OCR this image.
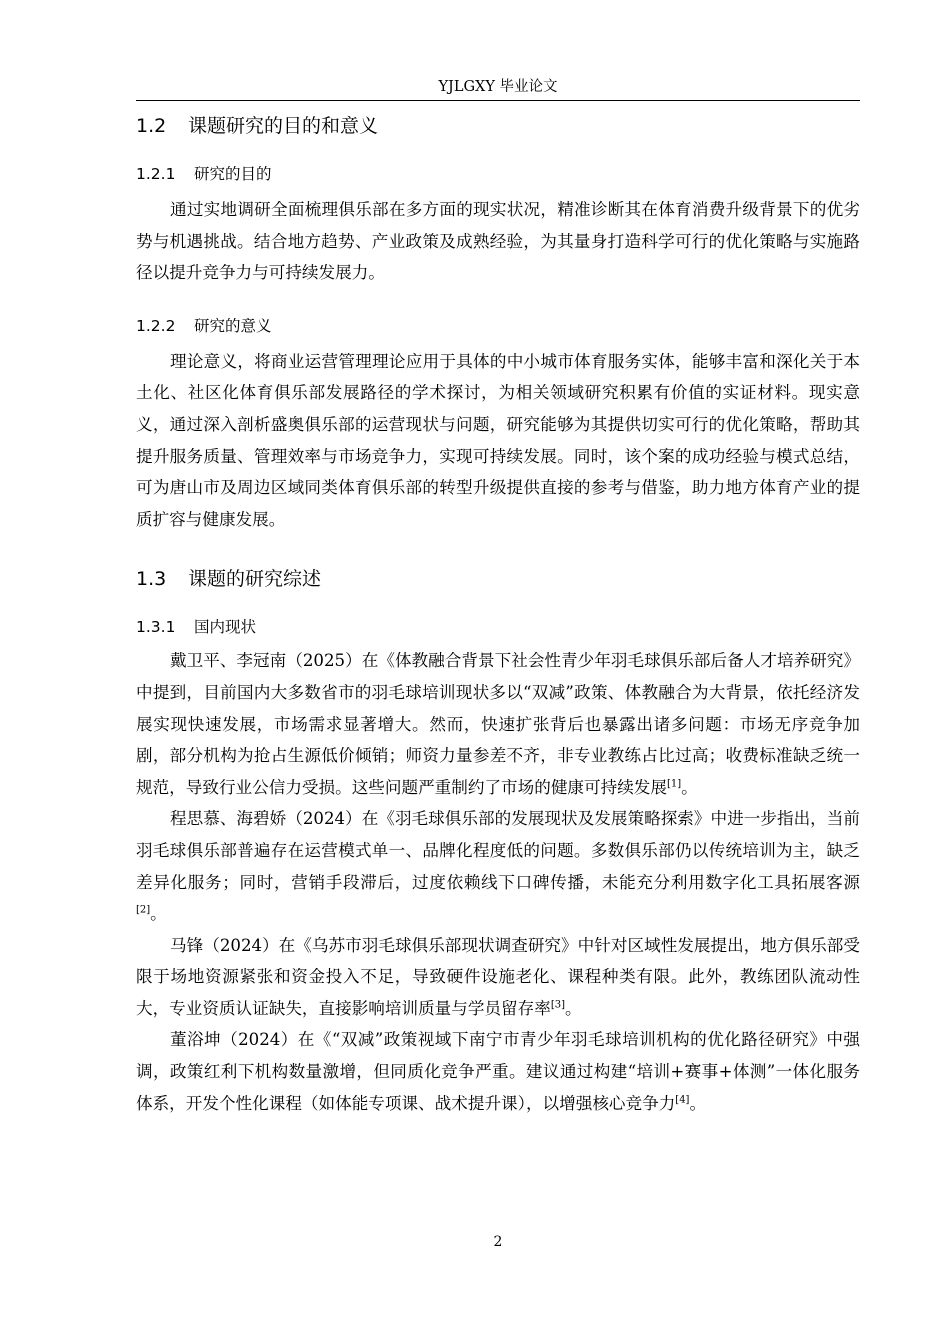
YJLGXY 毕业论文
1.2 课题研究的目的和意义
1.2.1 研究的目的

通过实地调研全面梳理俱乐部在多方面的现实状况，精准诊断其在体育消费升级背景下的优劣势与机遇挑战。结合地方趋势、产业政策及成熟经验，为其量身打造科学可行的优化策略与实施路径以提升竞争力与可持续发展力。

1.2.2 研究的意义

理论意义，将商业运营管理理论应用于具体的中小城市体育服务实体，能够丰富和深化关于本土化、社区化体育俱乐部发展路径的学术探讨，为相关领域研究积累有价值的实证材料。现实意义，通过深入剖析盛奥俱乐部的运营现状与问题，研究能够为其提供切实可行的优化策略，帮助其提升服务质量、管理效率与市场竞争力，实现可持续发展。同时，该个案的成功经验与模式总结，可为唐山市及周边区域同类体育俱乐部的转型升级提供直接的参考与借鉴，助力地方体育产业的提质扩容与健康发展。

1.3 课题的研究综述
1.3.1 国内现状

戴卫平、李冠南（2025）在《体教融合背景下社会性青少年羽毛球俱乐部后备人才培养研究》中提到，目前国内大多数省市的羽毛球培训现状多以“双减”政策、体教融合为大背景，依托经济发展实现快速发展，市场需求显著增大。然而，快速扩张背后也暴露出诸多问题：市场无序竞争加剧，部分机构为抢占生源低价倾销；师资力量参差不齐，非专业教练占比过高；收费标准缺乏统一规范，导致行业公信力受损。这些问题严重制约了市场的健康可持续发展[1]。

程思慕、海碧娇（2024）在《羽毛球俱乐部的发展现状及发展策略探索》中进一步指出，当前羽毛球俱乐部普遍存在运营模式单一、品牌化程度低的问题。多数俱乐部仍以传统培训为主，缺乏差异化服务；同时，营销手段滞后，过度依赖线下口碑传播，未能充分利用数字化工具拓展客源[2]。

马锋（2024）在《乌苏市羽毛球俱乐部现状调查研究》中针对区域性发展提出，地方俱乐部受限于场地资源紧张和资金投入不足，导致硬件设施老化、课程种类有限。此外，教练团队流动性大，专业资质认证缺失，直接影响培训质量与学员留存率[3]。

董浴坤（2024）在《“双减”政策视域下南宁市青少年羽毛球培训机构的优化路径研究》中强调，政策红利下机构数量激增，但同质化竞争严重。建议通过构建“培训+赛事+体测”一体化服务体系，开发个性化课程（如体能专项课、战术提升课），以增强核心竞争力[4]。

2
